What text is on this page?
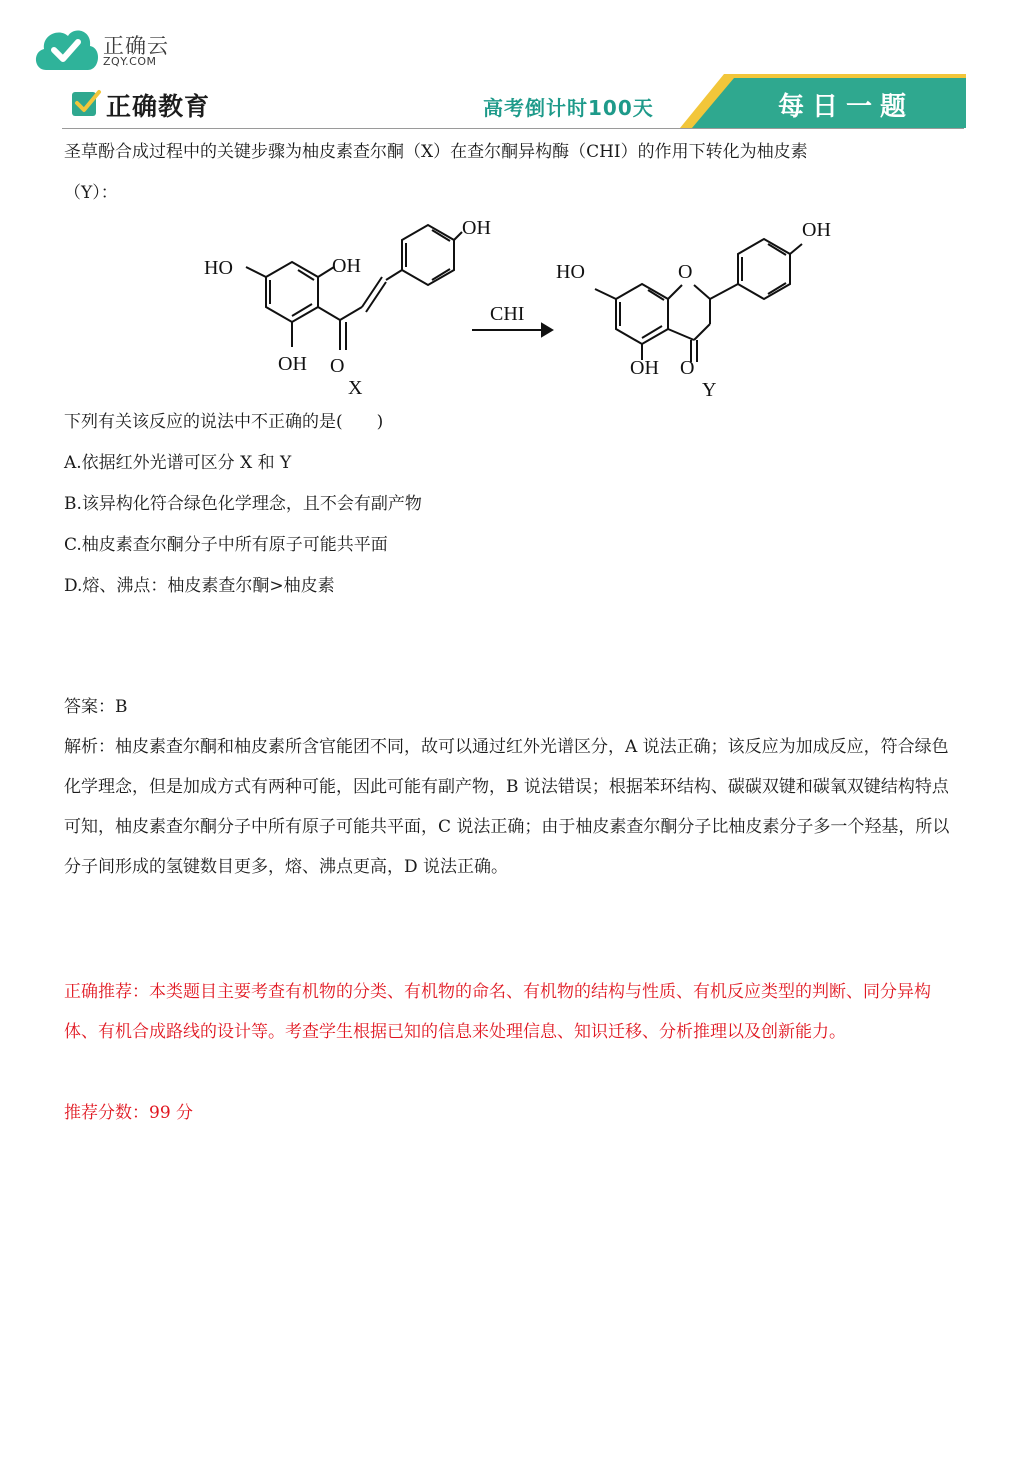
正确云
ZQY.COM
正确教育	高考倒计时100天	每日一题
圣草酚合成过程中的关键步骤为柚皮素查尔酮（X）在查尔酮异构酶（CHI）的作用下转化为柚皮素
（Y）：
OH
OH
HO
OH O
X
CHI
OH
HO	O
OH O
Y
下列有关该反应的说法中不正确的是(　　)
A.依据红外光谱可区分 X 和 Y
B.该异构化符合绿色化学理念，且不会有副产物
C.柚皮素查尔酮分子中所有原子可能共平面
D.熔、沸点：柚皮素查尔酮>柚皮素
答案：B
解析：柚皮素查尔酮和柚皮素所含官能团不同，故可以通过红外光谱区分，A 说法正确；该反应为加成反应，符合绿色化学理念，但是加成方式有两种可能，因此可能有副产物，B 说法错误；根据苯环结构、碳碳双键和碳氧双键结构特点可知，柚皮素查尔酮分子中所有原子可能共平面，C 说法正确；由于柚皮素查尔酮分子比柚皮素分子多一个羟基，所以分子间形成的氢键数目更多，熔、沸点更高，D 说法正确。
正确推荐：本类题目主要考查有机物的分类、有机物的命名、有机物的结构与性质、有机反应类型的判断、同分异构体、有机合成路线的设计等。考查学生根据已知的信息来处理信息、知识迁移、分析推理以及创新能力。
推荐分数：99 分
